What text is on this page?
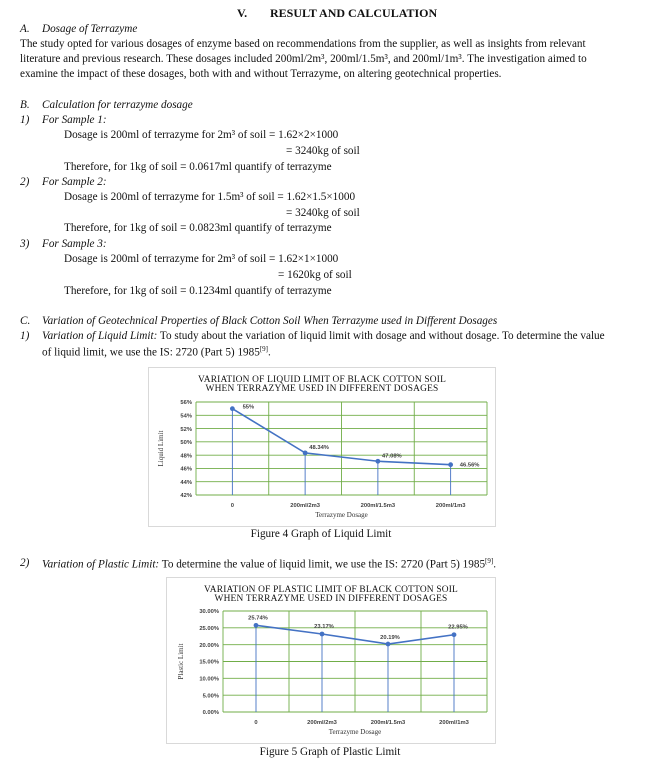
V. RESULT AND CALCULATION
A. Dosage of Terrazyme
The study opted for various dosages of enzyme based on recommendations from the supplier, as well as insights from relevant
literature and previous research. These dosages included 200ml/2m³, 200ml/1.5m³, and 200ml/1m³. The investigation aimed to
examine the impact of these dosages, both with and without Terrazyme, on altering geotechnical properties.
B. Calculation for terrazyme dosage
1) For Sample 1:
Dosage is 200ml of terrazyme for 2m³ of soil = 1.62×2×1000
= 3240kg of soil
Therefore, for 1kg of soil = 0.0617ml quantify of terrazyme
2) For Sample 2:
Dosage is 200ml of terrazyme for 1.5m³ of soil = 1.62×1.5×1000
= 3240kg of soil
Therefore, for 1kg of soil = 0.0823ml quantify of terrazyme
3) For Sample 3:
Dosage is 200ml of terrazyme for 2m³ of soil = 1.62×1×1000
= 1620kg of soil
Therefore, for 1kg of soil = 0.1234ml quantify of terrazyme
C. Variation of Geotechnical Properties of Black Cotton Soil When Terrazyme used in Different Dosages
1) Variation of Liquid Limit: To study about the variation of liquid limit with dosage and without dosage. To determine the value
of liquid limit, we use the IS: 2720 (Part 5) 1985[9].
VARIATION OF LIQUID LIMIT OF BLACK COTTON SOIL
WHEN TERRAZYME USED IN DIFFERENT DOSAGES
56%
54%
52%
50%
48%
46%
44%
42%
55%
48.34%
47.08%
46.56%
0	200ml/2m3	200ml/1.5m3	200ml/1m3
Terrazyme Dosage
Liquid Limit
Figure 4 Graph of Liquid Limit
2) Variation of Plastic Limit: To determine the value of liquid limit, we use the IS: 2720 (Part 5) 1985[9].
VARIATION OF PLASTIC LIMIT OF BLACK COTTON SOIL
WHEN TERRAZYME USED IN DIFFERENT DOSAGES
30.00%
25.00%
20.00%
15.00%
10.00%
5.00%
0.00%
25.74%
23.17%
20.19%
22.95%
0	200ml/2m3	200ml/1.5m3	200ml/1m3
Terrazyme Dosage
Plastic Limit
Figure 5 Graph of Plastic Limit
